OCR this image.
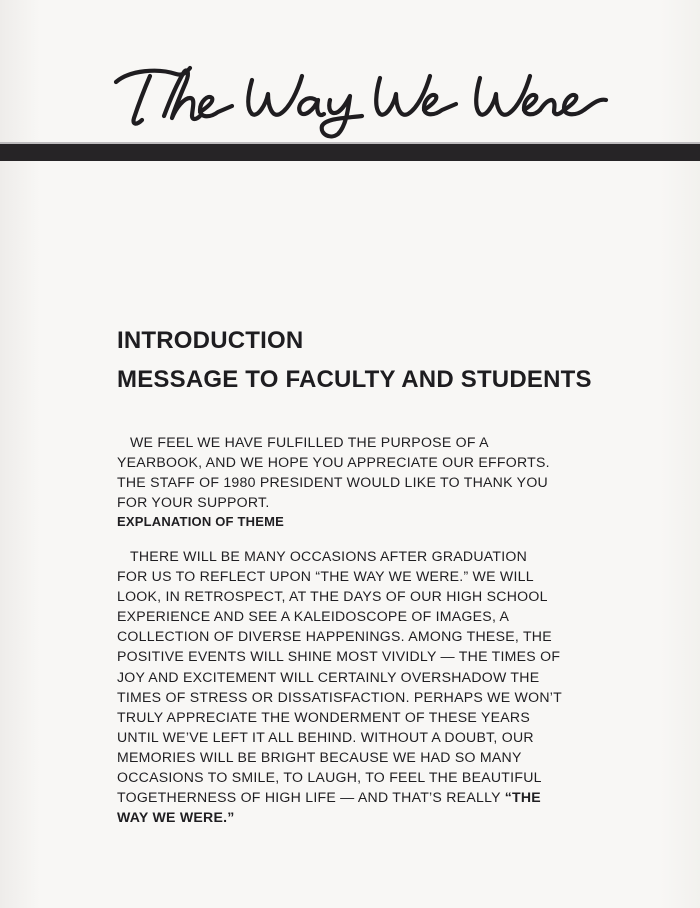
INTRODUCTION
MESSAGE TO FACULTY AND STUDENTS
WE FEEL WE HAVE FULFILLED THE PURPOSE OF A
YEARBOOK, AND WE HOPE YOU APPRECIATE OUR EFFORTS.
THE STAFF OF 1980 PRESIDENT WOULD LIKE TO THANK YOU
FOR YOUR SUPPORT.
EXPLANATION OF THEME
THERE WILL BE MANY OCCASIONS AFTER GRADUATION
FOR US TO REFLECT UPON “THE WAY WE WERE.” WE WILL
LOOK, IN RETROSPECT, AT THE DAYS OF OUR HIGH SCHOOL
EXPERIENCE AND SEE A KALEIDOSCOPE OF IMAGES, A
COLLECTION OF DIVERSE HAPPENINGS. AMONG THESE, THE
POSITIVE EVENTS WILL SHINE MOST VIVIDLY — THE TIMES OF
JOY AND EXCITEMENT WILL CERTAINLY OVERSHADOW THE
TIMES OF STRESS OR DISSATISFACTION. PERHAPS WE WON’T
TRULY APPRECIATE THE WONDERMENT OF THESE YEARS
UNTIL WE’VE LEFT IT ALL BEHIND. WITHOUT A DOUBT, OUR
MEMORIES WILL BE BRIGHT BECAUSE WE HAD SO MANY
OCCASIONS TO SMILE, TO LAUGH, TO FEEL THE BEAUTIFUL
TOGETHERNESS OF HIGH LIFE — AND THAT’S REALLY “THE
WAY WE WERE.”
